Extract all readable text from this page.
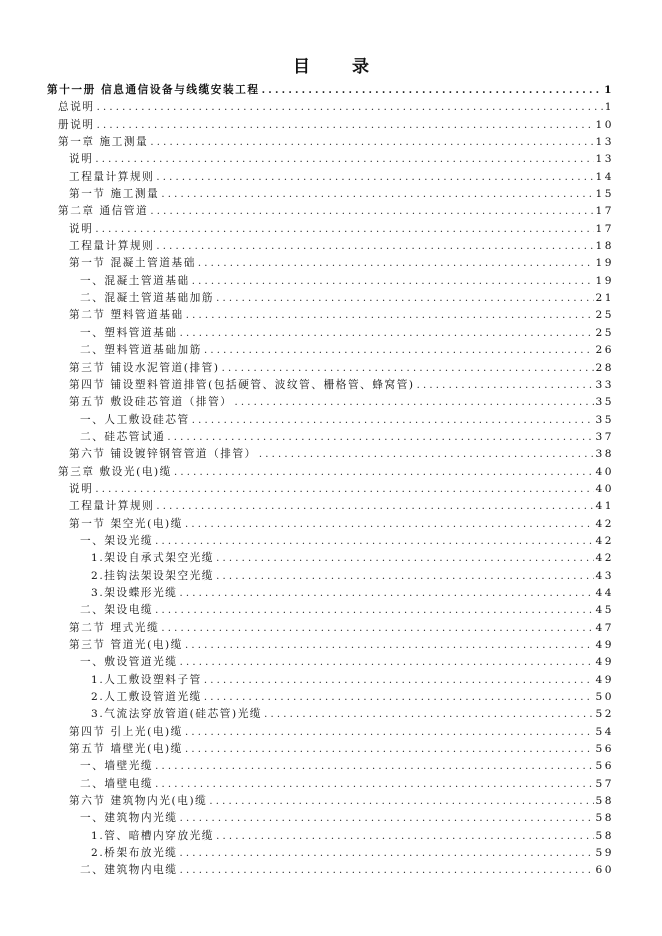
目 录
第十一册 信息通信设备与线缆安装工程 .....	1
总说明 .....	1
册说明 .....	10
第一章 施工测量 .....	13
说明 .....	13
工程量计算规则 .....	14
第一节 施工测量 .....	15
第二章 通信管道 .....	17
说明 .....	17
工程量计算规则 .....	18
第一节 混凝土管道基础 .....	19
一、混凝土管道基础 .....	19
二、混凝土管道基础加筋 .....	21
第二节 塑料管道基础 .....	25
一、塑料管道基础 .....	25
二、塑料管道基础加筋 .....	26
第三节 铺设水泥管道(排管) .....	28
第四节 铺设塑料管道排管(包括硬管、波纹管、栅格管、蜂窝管) .....	33
第五节 敷设硅芯管道（排管） .....	35
一、人工敷设硅芯管 .....	35
二、硅芯管试通 .....	37
第六节 铺设镀锌钢管管道（排管） .....	38
第三章 敷设光(电)缆 .....	40
说明 .....	40
工程量计算规则 .....	41
第一节 架空光(电)缆 .....	42
一、架设光缆 .....	42
1.架设自承式架空光缆 .....	42
2.挂钩法架设架空光缆 .....	43
3.架设蝶形光缆 .....	44
二、架设电缆 .....	45
第二节 埋式光缆 .....	47
第三节 管道光(电)缆 .....	49
一、敷设管道光缆 .....	49
1.人工敷设塑料子管 .....	49
2.人工敷设管道光缆 .....	50
3.气流法穿放管道(硅芯管)光缆 .....	52
第四节 引上光(电)缆 .....	54
第五节 墙壁光(电)缆 .....	56
一、墙壁光缆 .....	56
二、墙壁电缆 .....	57
第六节 建筑物内光(电)缆 .....	58
一、建筑物内光缆 .....	58
1.管、暗槽内穿放光缆 .....	58
2.桥架布放光缆 .....	59
二、建筑物内电缆 .....	60
